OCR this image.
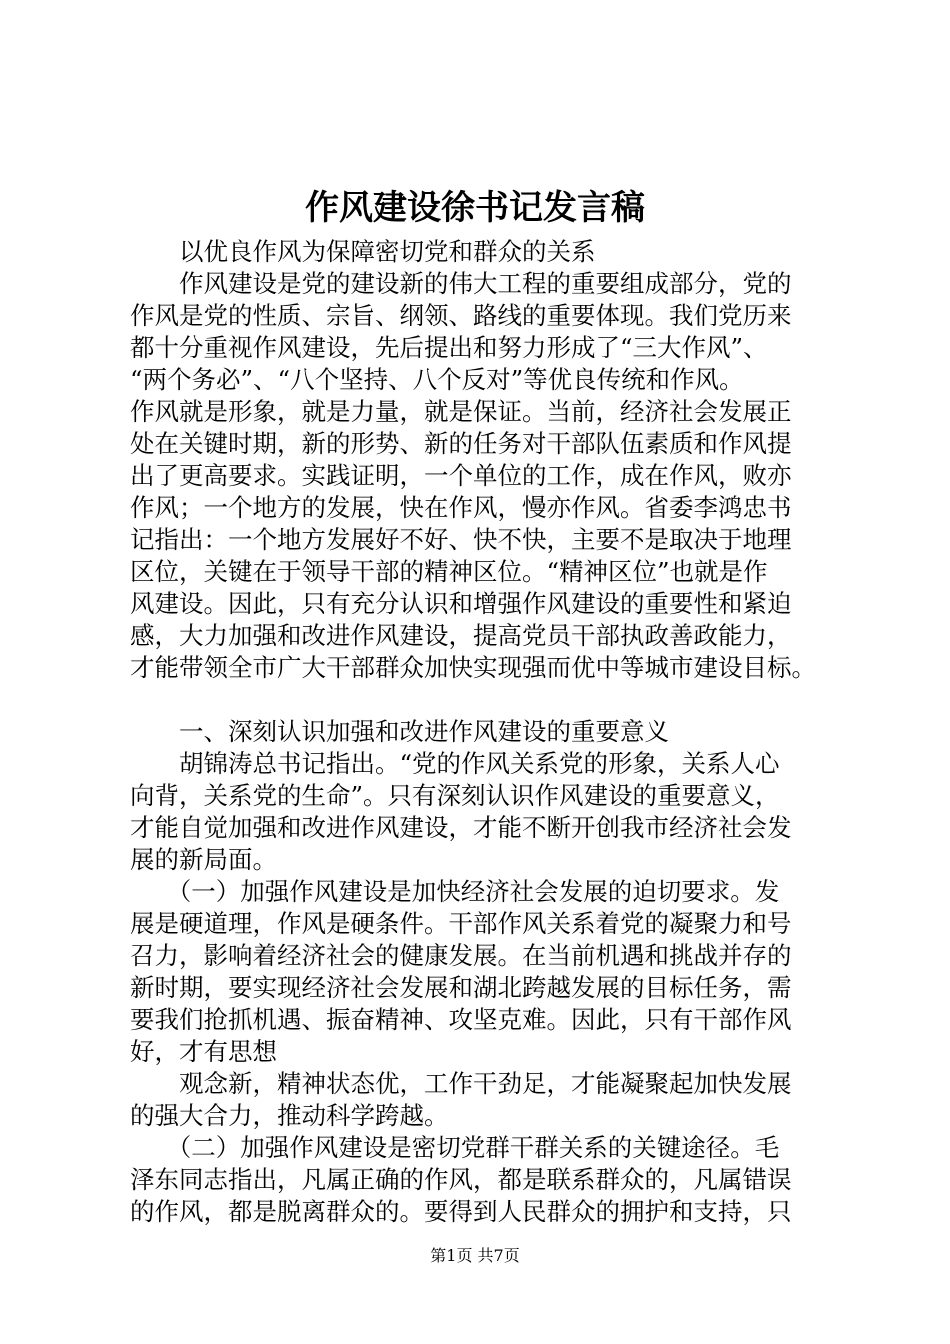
作风建设徐书记发言稿
　　以优良作风为保障密切党和群众的关系
　　作风建设是党的建设新的伟大工程的重要组成部分，党的
作风是党的性质、宗旨、纲领、路线的重要体现。我们党历来
都十分重视作风建设，先后提出和努力形成了“三大作风”、
“两个务必”、“八个坚持、八个反对”等优良传统和作风。
作风就是形象，就是力量，就是保证。当前，经济社会发展正
处在关键时期，新的形势、新的任务对干部队伍素质和作风提
出了更高要求。实践证明，一个单位的工作，成在作风，败亦
作风；一个地方的发展，快在作风，慢亦作风。省委李鸿忠书
记指出：一个地方发展好不好、快不快，主要不是取决于地理
区位，关键在于领导干部的精神区位。“精神区位”也就是作
风建设。因此，只有充分认识和增强作风建设的重要性和紧迫
感，大力加强和改进作风建设，提高党员干部执政善政能力，
才能带领全市广大干部群众加快实现强而优中等城市建设目标。
　　一、深刻认识加强和改进作风建设的重要意义
　　胡锦涛总书记指出。“党的作风关系党的形象，关系人心
向背，关系党的生命”。只有深刻认识作风建设的重要意义，
才能自觉加强和改进作风建设，才能不断开创我市经济社会发
展的新局面。
　　（一）加强作风建设是加快经济社会发展的迫切要求。发
展是硬道理，作风是硬条件。干部作风关系着党的凝聚力和号
召力，影响着经济社会的健康发展。在当前机遇和挑战并存的
新时期，要实现经济社会发展和湖北跨越发展的目标任务，需
要我们抢抓机遇、振奋精神、攻坚克难。因此，只有干部作风
好，才有思想
　　观念新，精神状态优，工作干劲足，才能凝聚起加快发展
的强大合力，推动科学跨越。
　　（二）加强作风建设是密切党群干群关系的关键途径。毛
泽东同志指出，凡属正确的作风，都是联系群众的，凡属错误
的作风，都是脱离群众的。要得到人民群众的拥护和支持，只
第1页 共7页
